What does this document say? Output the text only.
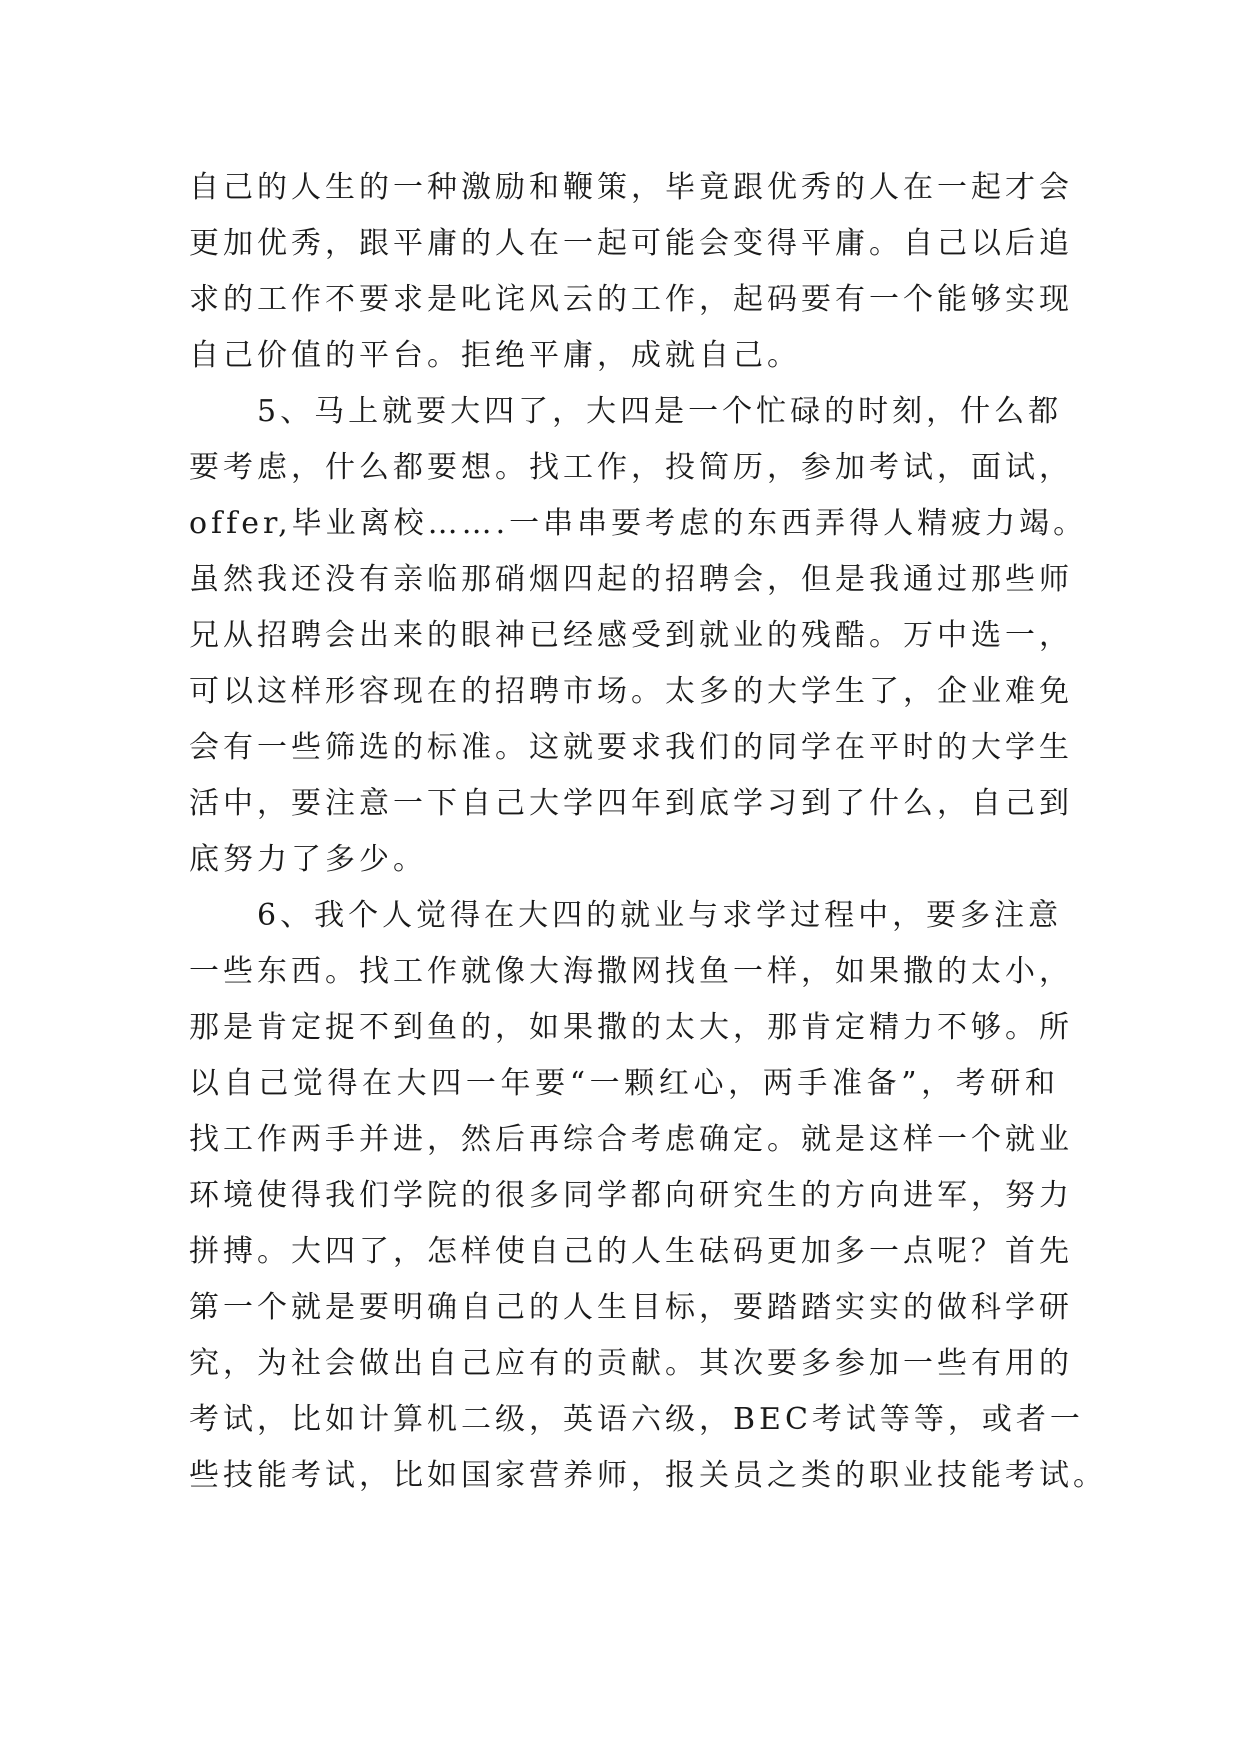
自己的人生的一种激励和鞭策，毕竟跟优秀的人在一起才会
更加优秀，跟平庸的人在一起可能会变得平庸。自己以后追
求的工作不要求是叱诧风云的工作，起码要有一个能够实现
自己价值的平台。拒绝平庸，成就自己。
　　5、马上就要大四了，大四是一个忙碌的时刻，什么都
要考虑，什么都要想。找工作，投简历，参加考试，面试，
offer,毕业离校…….一串串要考虑的东西弄得人精疲力竭。
虽然我还没有亲临那硝烟四起的招聘会，但是我通过那些师
兄从招聘会出来的眼神已经感受到就业的残酷。万中选一，
可以这样形容现在的招聘市场。太多的大学生了，企业难免
会有一些筛选的标准。这就要求我们的同学在平时的大学生
活中，要注意一下自己大学四年到底学习到了什么，自己到
底努力了多少。
　　6、我个人觉得在大四的就业与求学过程中，要多注意
一些东西。找工作就像大海撒网找鱼一样，如果撒的太小，
那是肯定捉不到鱼的，如果撒的太大，那肯定精力不够。所
以自己觉得在大四一年要“一颗红心，两手准备”，考研和
找工作两手并进，然后再综合考虑确定。就是这样一个就业
环境使得我们学院的很多同学都向研究生的方向进军，努力
拼搏。大四了，怎样使自己的人生砝码更加多一点呢？首先
第一个就是要明确自己的人生目标，要踏踏实实的做科学研
究，为社会做出自己应有的贡献。其次要多参加一些有用的
考试，比如计算机二级，英语六级，BEC考试等等，或者一
些技能考试，比如国家营养师，报关员之类的职业技能考试。
